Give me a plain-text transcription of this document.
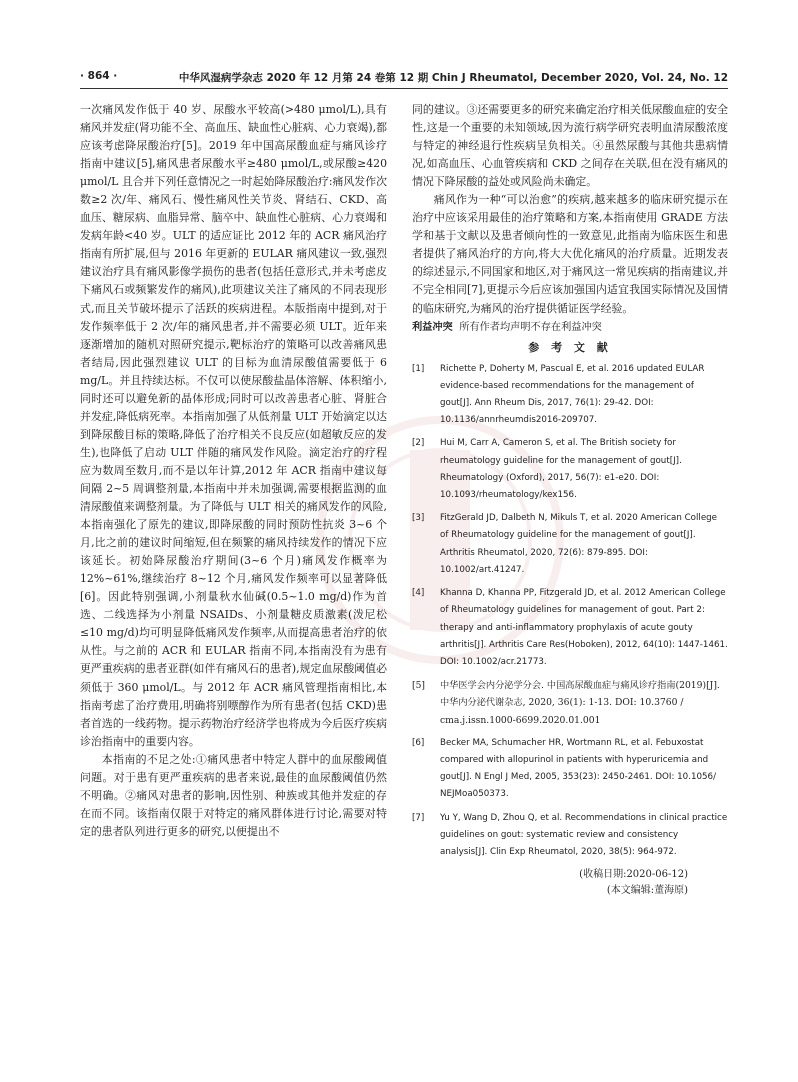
· 864 ·	中华风湿病学杂志 2020 年 12 月第 24 卷第 12 期 Chin J Rheumatol, December 2020, Vol. 24, No. 12

一次痛风发作低于 40 岁、尿酸水平较高(>480 μmol/L),具有痛风并发症(肾功能不全、高血压、缺血性心脏病、心力衰竭),都应该考虑降尿酸治疗[5]。2019 年中国高尿酸血症与痛风诊疗指南中建议[5],痛风患者尿酸水平≥480 μmol/L,或尿酸≥420 μmol/L 且合并下列任意情况之一时起始降尿酸治疗:痛风发作次数≥2 次/年、痛风石、慢性痛风性关节炎、肾结石、CKD、高血压、糖尿病、血脂异常、脑卒中、缺血性心脏病、心力衰竭和发病年龄<40 岁。ULT 的适应证比 2012 年的 ACR 痛风治疗指南有所扩展,但与 2016 年更新的 EULAR 痛风建议一致,强烈建议治疗具有痛风影像学损伤的患者(包括任意形式,并未考虑皮下痛风石或频繁发作的痛风),此项建议关注了痛风的不同表现形式,而且关节破坏提示了活跃的疾病进程。本版指南中提到,对于发作频率低于 2 次/年的痛风患者,并不需要必须 ULT。近年来逐渐增加的随机对照研究提示,靶标治疗的策略可以改善痛风患者结局,因此强烈建议 ULT 的目标为血清尿酸值需要低于 6 mg/L。并且持续达标。不仅可以使尿酸盐晶体溶解、体积缩小,同时还可以避免新的晶体形成;同时可以改善患者心脏、肾脏合并发症,降低病死率。本指南加强了从低剂量 ULT 开始滴定以达到降尿酸目标的策略,降低了治疗相关不良反应(如超敏反应的发生),也降低了启动 ULT 伴随的痛风发作风险。滴定治疗的疗程应为数周至数月,而不是以年计算,2012 年 ACR 指南中建议每间隔 2~5 周调整剂量,本指南中并未加强调,需要根据监测的血清尿酸值来调整剂量。为了降低与 ULT 相关的痛风发作的风险,本指南强化了原先的建议,即降尿酸的同时预防性抗炎 3~6 个月,比之前的建议时间缩短,但在频繁的痛风持续发作的情况下应该延长。初始降尿酸治疗期间(3~6 个月)痛风发作概率为 12%~61%,继续治疗 8~12 个月,痛风发作频率可以显著降低[6]。因此特别强调,小剂量秋水仙碱(0.5~1.0 mg/d)作为首选、二线选择为小剂量 NSAIDs、小剂量糖皮质激素(泼尼松≤10 mg/d)均可明显降低痛风发作频率,从而提高患者治疗的依从性。与之前的 ACR 和 EULAR 指南不同,本指南没有为患有更严重疾病的患者亚群(如伴有痛风石的患者),规定血尿酸阈值必须低于 360 μmol/L。与 2012 年 ACR 痛风管理指南相比,本指南考虑了治疗费用,明确将别嘌醇作为所有患者(包括 CKD)患者首选的一线药物。提示药物治疗经济学也将成为今后医疗疾病诊治指南中的重要内容。

本指南的不足之处:①痛风患者中特定人群中的血尿酸阈值问题。对于患有更严重疾病的患者来说,最佳的血尿酸阈值仍然不明确。②痛风对患者的影响,因性别、种族或其他并发症的存在而不同。该指南仅限于对特定的痛风群体进行讨论,需要对特定的患者队列进行更多的研究,以便提出不

同的建议。③还需要更多的研究来确定治疗相关低尿酸血症的安全性,这是一个重要的未知领域,因为流行病学研究表明血清尿酸浓度与特定的神经退行性疾病呈负相关。④虽然尿酸与其他共患病情况,如高血压、心血管疾病和 CKD 之间存在关联,但在没有痛风的情况下降尿酸的益处或风险尚未确定。

痛风作为一种“可以治愈”的疾病,越来越多的临床研究提示在治疗中应该采用最佳的治疗策略和方案,本指南使用 GRADE 方法学和基于文献以及患者倾向性的一致意见,此指南为临床医生和患者提供了痛风治疗的方向,将大大优化痛风的治疗质量。近期发表的综述显示,不同国家和地区,对于痛风这一常见疾病的指南建议,并不完全相同[7],更提示今后应该加强国内适宜我国实际情况及国情的临床研究,为痛风的治疗提供循证医学经验。

利益冲突 所有作者均声明不存在利益冲突

参 考 文 献
[1]	Richette P, Doherty M, Pascual E, et al. 2016 updated EULAR evidence-based recommendations for the management of gout[J]. Ann Rheum Dis, 2017, 76(1): 29-42. DOI: 10.1136/annrheumdis2016-209707.
[2]	Hui M, Carr A, Cameron S, et al. The British society for rheumatology guideline for the management of gout[J]. Rheumatology (Oxford), 2017, 56(7): e1-e20. DOI: 10.1093/rheumatology/kex156.
[3]	FitzGerald JD, Dalbeth N, Mikuls T, et al. 2020 American College of Rheumatology guideline for the management of gout[J]. Arthritis Rheumatol, 2020, 72(6): 879-895. DOI: 10.1002/art.41247.
[4]	Khanna D, Khanna PP, Fitzgerald JD, et al. 2012 American College of Rheumatology guidelines for management of gout. Part 2: therapy and anti-inflammatory prophylaxis of acute gouty arthritis[J]. Arthritis Care Res(Hoboken), 2012, 64(10): 1447-1461. DOI: 10.1002/acr.21773.
[5]	中华医学会内分泌学分会. 中国高尿酸血症与痛风诊疗指南(2019)[J]. 中华内分泌代谢杂志, 2020, 36(1): 1-13. DOI: 10.3760 / cma.j.issn.1000-6699.2020.01.001
[6]	Becker MA, Schumacher HR, Wortmann RL, et al. Febuxostat compared with allopurinol in patients with hyperuricemia and gout[J]. N Engl J Med, 2005, 353(23): 2450-2461. DOI: 10.1056/ NEJMoa050373.
[7]	Yu Y, Wang D, Zhou Q, et al. Recommendations in clinical practice guidelines on gout: systematic review and consistency analysis[J]. Clin Exp Rheumatol, 2020, 38(5): 964-972.
(收稿日期:2020-06-12)
(本文编辑:董海原)
